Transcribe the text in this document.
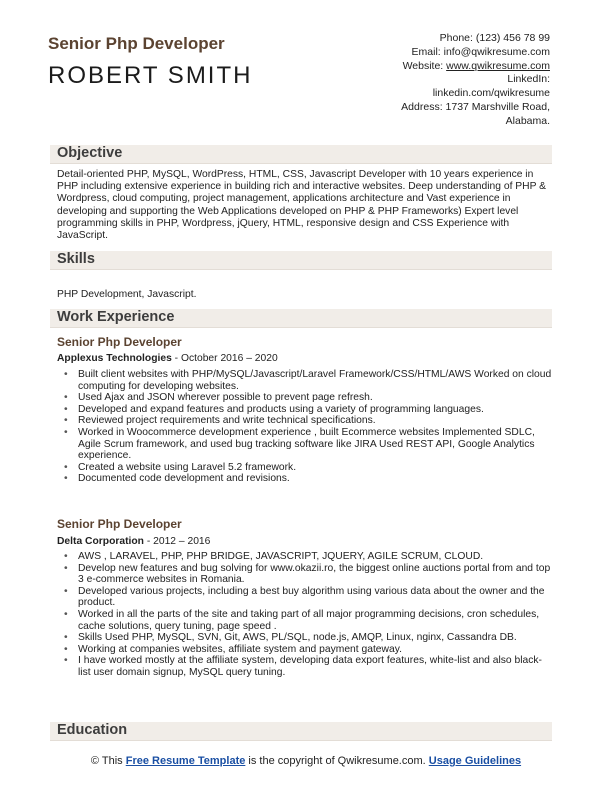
Senior Php Developer
ROBERT SMITH
Phone: (123) 456 78 99
Email: info@qwikresume.com
Website: www.qwikresume.com
LinkedIn:
linkedin.com/qwikresume
Address: 1737 Marshville Road,
Alabama.
Objective
Detail-oriented PHP, MySQL, WordPress, HTML, CSS, Javascript Developer with 10 years experience in PHP including extensive experience in building rich and interactive websites. Deep understanding of PHP & Wordpress, cloud computing, project management, applications architecture and Vast experience in developing and supporting the Web Applications developed on PHP & PHP Frameworks) Expert level programming skills in PHP, Wordpress, jQuery, HTML, responsive design and CSS Experience with JavaScript.
Skills
PHP Development, Javascript.
Work Experience
Senior Php Developer
Applexus Technologies - October 2016 – 2020
• Built client websites with PHP/MySQL/Javascript/Laravel Framework/CSS/HTML/AWS Worked on cloud computing for developing websites.
• Used Ajax and JSON wherever possible to prevent page refresh.
• Developed and expand features and products using a variety of programming languages.
• Reviewed project requirements and write technical specifications.
• Worked in Woocommerce development experience , built Ecommerce websites Implemented SDLC, Agile Scrum framework, and used bug tracking software like JIRA Used REST API, Google Analytics experience.
• Created a website using Laravel 5.2 framework.
• Documented code development and revisions.
Senior Php Developer
Delta Corporation - 2012 – 2016
• AWS , LARAVEL, PHP, PHP BRIDGE, JAVASCRIPT, JQUERY, AGILE SCRUM, CLOUD.
• Develop new features and bug solving for www.okazii.ro, the biggest online auctions portal from and top 3 e-commerce websites in Romania.
• Developed various projects, including a best buy algorithm using various data about the owner and the product.
• Worked in all the parts of the site and taking part of all major programming decisions, cron schedules, cache solutions, query tuning, page speed .
• Skills Used PHP, MySQL, SVN, Git, AWS, PL/SQL, node.js, AMQP, Linux, nginx, Cassandra DB.
• Working at companies websites, affiliate system and payment gateway.
• I have worked mostly at the affiliate system, developing data export features, white-list and also black-list user domain signup, MySQL query tuning.
Education
© This Free Resume Template is the copyright of Qwikresume.com. Usage Guidelines
